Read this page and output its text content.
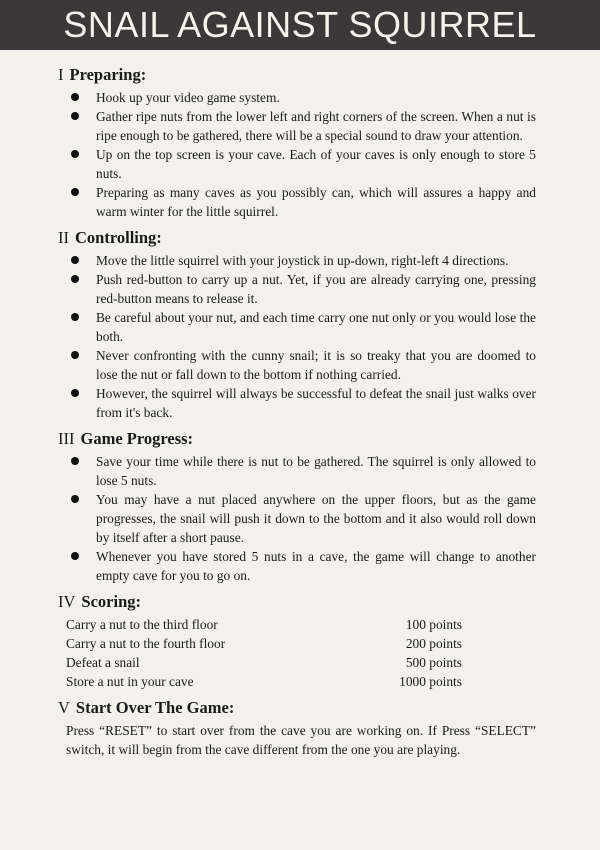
SNAIL AGAINST SQUIRREL
I Preparing:
Hook up your video game system.
Gather ripe nuts from the lower left and right corners of the screen. When a nut is ripe enough to be gathered, there will be a special sound to draw your attention.
Up on the top screen is your cave. Each of your caves is only enough to store 5 nuts.
Preparing as many caves as you possibly can, which will assures a happy and warm winter for the little squirrel.
II Controlling:
Move the little squirrel with your joystick in up-down, right-left 4 directions.
Push red-button to carry up a nut. Yet, if you are already carrying one, pressing red-button means to release it.
Be careful about your nut, and each time carry one nut only or you would lose the both.
Never confronting with the cunny snail; it is so treaky that you are doomed to lose the nut or fall down to the bottom if nothing carried.
However, the squirrel will always be successful to defeat the snail just walks over from it's back.
III Game Progress:
Save your time while there is nut to be gathered. The squirrel is only allowed to lose 5 nuts.
You may have a nut placed anywhere on the upper floors, but as the game progresses, the snail will push it down to the bottom and it also would roll down by itself after a short pause.
Whenever you have stored 5 nuts in a cave, the game will change to another empty cave for you to go on.
IV Scoring:
Carry a nut to the third floor	100 points
Carry a nut to the fourth floor	200 points
Defeat a snail	500 points
Store a nut in your cave	1000 points
V Start Over The Game:
Press “RESET” to start over from the cave you are working on. If Press “SELECT” switch, it will begin from the cave different from the one you are playing.
